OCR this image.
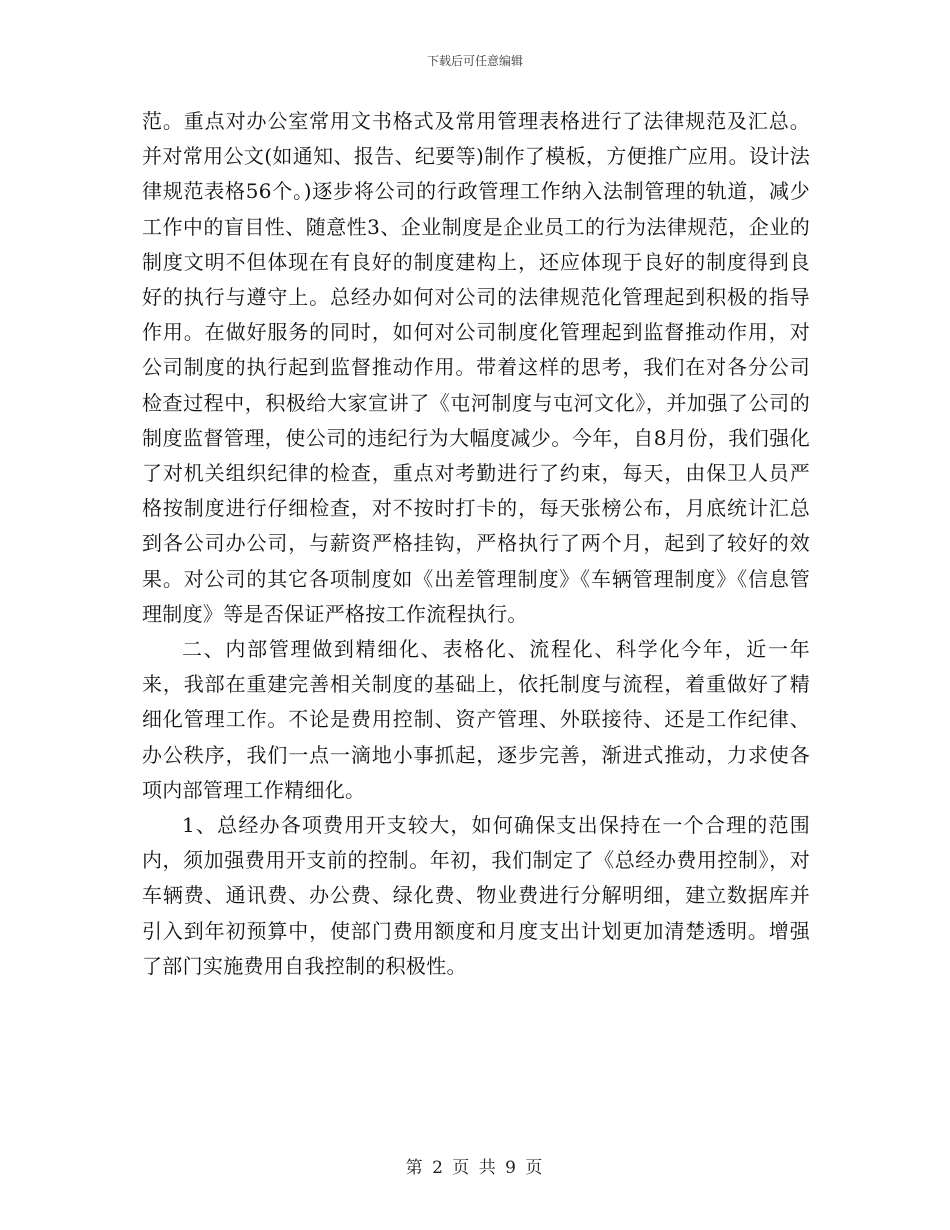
下载后可任意编辑

范。重点对办公室常用文书格式及常用管理表格进行了法律规范及汇总。并对常用公文(如通知、报告、纪要等)制作了模板，方便推广应用。设计法律规范表格56个。)逐步将公司的行政管理工作纳入法制管理的轨道，减少工作中的盲目性、随意性3、企业制度是企业员工的行为法律规范，企业的制度文明不但体现在有良好的制度建构上，还应体现于良好的制度得到良好的执行与遵守上。总经办如何对公司的法律规范化管理起到积极的指导作用。在做好服务的同时，如何对公司制度化管理起到监督推动作用，对公司制度的执行起到监督推动作用。带着这样的思考，我们在对各分公司检查过程中，积极给大家宣讲了《屯河制度与屯河文化》，并加强了公司的制度监督管理，使公司的违纪行为大幅度减少。今年，自8月份，我们强化了对机关组织纪律的检查，重点对考勤进行了约束，每天，由保卫人员严格按制度进行仔细检查，对不按时打卡的，每天张榜公布，月底统计汇总到各公司办公司，与薪资严格挂钩，严格执行了两个月，起到了较好的效果。对公司的其它各项制度如《出差管理制度》《车辆管理制度》《信息管理制度》等是否保证严格按工作流程执行。

二、内部管理做到精细化、表格化、流程化、科学化今年，近一年来，我部在重建完善相关制度的基础上，依托制度与流程，着重做好了精细化管理工作。不论是费用控制、资产管理、外联接待、还是工作纪律、办公秩序，我们一点一滴地小事抓起，逐步完善，渐进式推动，力求使各项内部管理工作精细化。

1、总经办各项费用开支较大，如何确保支出保持在一个合理的范围内，须加强费用开支前的控制。年初，我们制定了《总经办费用控制》，对车辆费、通讯费、办公费、绿化费、物业费进行分解明细，建立数据库并引入到年初预算中，使部门费用额度和月度支出计划更加清楚透明。增强了部门实施费用自我控制的积极性。

第 2 页 共 9 页
